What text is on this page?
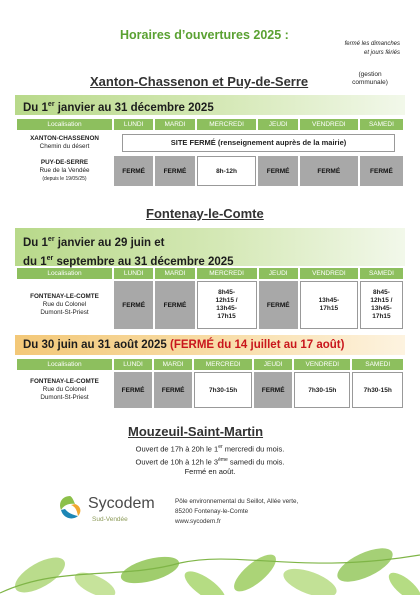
Horaires d’ouvertures 2025 :
fermé les dimanches
et jours fériés
Xanton-Chassenon et Puy-de-Serre	(gestion
communale)
Du 1er janvier au 31 décembre 2025
Localisation	LUNDI	MARDI	MERCREDI	JEUDI	VENDREDI	SAMEDI

XANTON-CHASSENON
Chemin du désert	SITE FERMÉ (renseignement auprès de la mairie)					

PUY-DE-SERRE
Rue de la Vendée
(depuis le 19/05/25)	FERMÉ	FERMÉ	8h-12h	FERMÉ	FERMÉ	FERMÉ
Fontenay-le-Comte
Du 1er janvier au 29 juin et
du 1er septembre au 31 décembre 2025
Localisation	LUNDI	MARDI	MERCREDI	JEUDI	VENDREDI	SAMEDI

FONTENAY-LE-COMTE
Rue du Colonel
Dumont-St-Priest	FERMÉ	FERMÉ	8h45-
12h15 /
13h45-
17h15	FERMÉ	13h45-
17h15	8h45-
12h15 /
13h45-
17h15
Du 30 juin au 31 août 2025 (FERMÉ du 14 juillet au 17 août)
Localisation	LUNDI	MARDI	MERCREDI	JEUDI	VENDREDI	SAMEDI

FONTENAY-LE-COMTE
Rue du Colonel
Dumont-St-Priest	FERMÉ	FERMÉ	7h30-15h	FERMÉ	7h30-15h	7h30-15h
Mouzeuil-Saint-Martin
Ouvert de 17h à 20h le 1er mercredi du mois.
Ouvert de 10h à 12h le 3ème samedi du mois.
Fermé en août.
Sycodem
Sud-Vendée
Pôle environnemental du Seillot, Allée verte,
85200 Fontenay-le-Comte
www.sycodem.fr
